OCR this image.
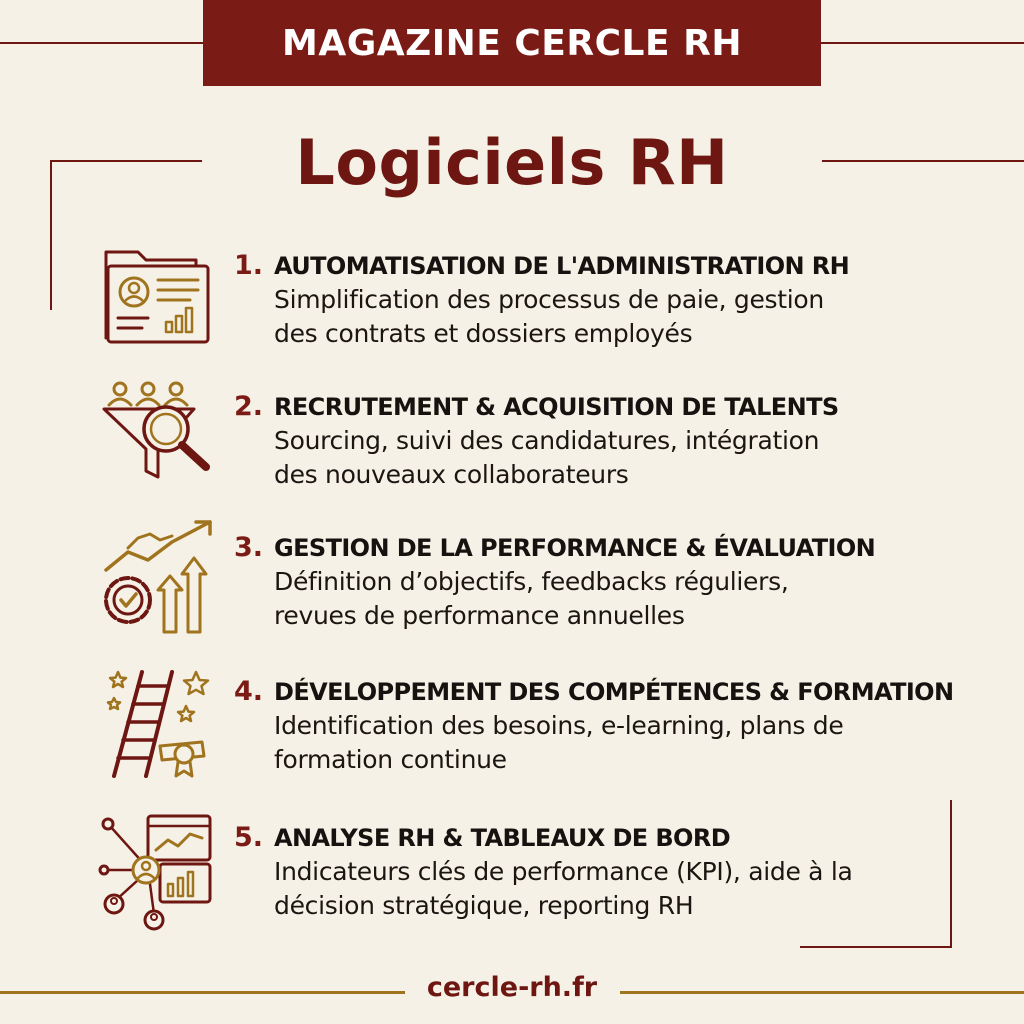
MAGAZINE CERCLE RH
Logiciels RH
1. AUTOMATISATION DE L'ADMINISTRATION RH
Simplification des processus de paie, gestion
des contrats et dossiers employés
2. RECRUTEMENT & ACQUISITION DE TALENTS
Sourcing, suivi des candidatures, intégration
des nouveaux collaborateurs
3. GESTION DE LA PERFORMANCE & ÉVALUATION
Définition d’objectifs, feedbacks réguliers,
revues de performance annuelles
4. DÉVELOPPEMENT DES COMPÉTENCES & FORMATION
Identification des besoins, e-learning, plans de
formation continue
5. ANALYSE RH & TABLEAUX DE BORD
Indicateurs clés de performance (KPI), aide à la
décision stratégique, reporting RH
cercle-rh.fr
